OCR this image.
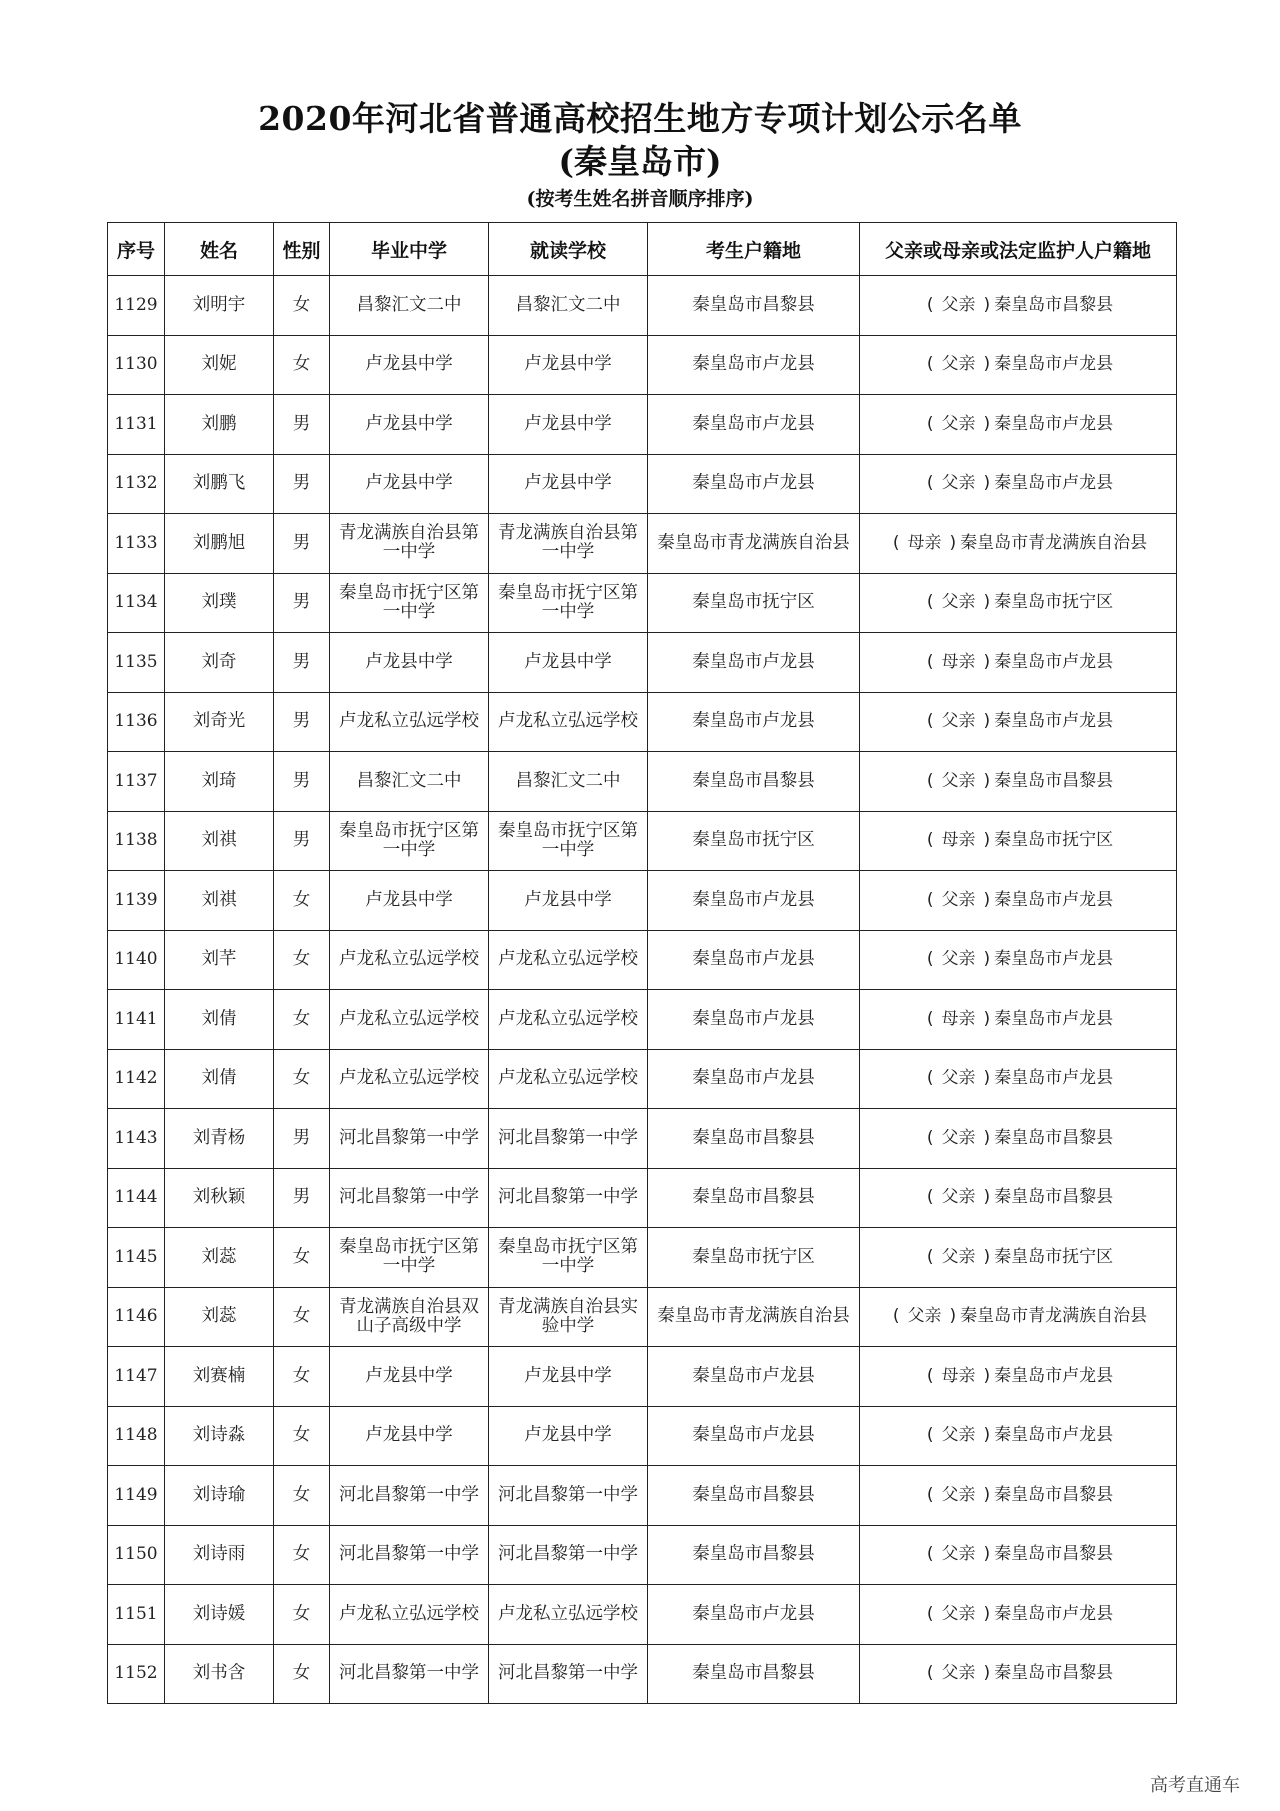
2020年河北省普通高校招生地方专项计划公示名单
(秦皇岛市)
(按考生姓名拼音顺序排序)
序号	姓名	性别	毕业中学	就读学校	考生户籍地	父亲或母亲或法定监护人户籍地
1129	刘明宇	女	昌黎汇文二中	昌黎汇文二中	秦皇岛市昌黎县	( 父亲 ) 秦皇岛市昌黎县
1130	刘妮	女	卢龙县中学	卢龙县中学	秦皇岛市卢龙县	( 父亲 ) 秦皇岛市卢龙县
1131	刘鹏	男	卢龙县中学	卢龙县中学	秦皇岛市卢龙县	( 父亲 ) 秦皇岛市卢龙县
1132	刘鹏飞	男	卢龙县中学	卢龙县中学	秦皇岛市卢龙县	( 父亲 ) 秦皇岛市卢龙县
1133	刘鹏旭	男	青龙满族自治县第一中学	青龙满族自治县第一中学	秦皇岛市青龙满族自治县	( 母亲 ) 秦皇岛市青龙满族自治县
1134	刘璞	男	秦皇岛市抚宁区第一中学	秦皇岛市抚宁区第一中学	秦皇岛市抚宁区	( 父亲 ) 秦皇岛市抚宁区
1135	刘奇	男	卢龙县中学	卢龙县中学	秦皇岛市卢龙县	( 母亲 ) 秦皇岛市卢龙县
1136	刘奇光	男	卢龙私立弘远学校	卢龙私立弘远学校	秦皇岛市卢龙县	( 父亲 ) 秦皇岛市卢龙县
1137	刘琦	男	昌黎汇文二中	昌黎汇文二中	秦皇岛市昌黎县	( 父亲 ) 秦皇岛市昌黎县
1138	刘祺	男	秦皇岛市抚宁区第一中学	秦皇岛市抚宁区第一中学	秦皇岛市抚宁区	( 母亲 ) 秦皇岛市抚宁区
1139	刘祺	女	卢龙县中学	卢龙县中学	秦皇岛市卢龙县	( 父亲 ) 秦皇岛市卢龙县
1140	刘芊	女	卢龙私立弘远学校	卢龙私立弘远学校	秦皇岛市卢龙县	( 父亲 ) 秦皇岛市卢龙县
1141	刘倩	女	卢龙私立弘远学校	卢龙私立弘远学校	秦皇岛市卢龙县	( 母亲 ) 秦皇岛市卢龙县
1142	刘倩	女	卢龙私立弘远学校	卢龙私立弘远学校	秦皇岛市卢龙县	( 父亲 ) 秦皇岛市卢龙县
1143	刘青杨	男	河北昌黎第一中学	河北昌黎第一中学	秦皇岛市昌黎县	( 父亲 ) 秦皇岛市昌黎县
1144	刘秋颖	男	河北昌黎第一中学	河北昌黎第一中学	秦皇岛市昌黎县	( 父亲 ) 秦皇岛市昌黎县
1145	刘蕊	女	秦皇岛市抚宁区第一中学	秦皇岛市抚宁区第一中学	秦皇岛市抚宁区	( 父亲 ) 秦皇岛市抚宁区
1146	刘蕊	女	青龙满族自治县双山子高级中学	青龙满族自治县实验中学	秦皇岛市青龙满族自治县	( 父亲 ) 秦皇岛市青龙满族自治县
1147	刘赛楠	女	卢龙县中学	卢龙县中学	秦皇岛市卢龙县	( 母亲 ) 秦皇岛市卢龙县
1148	刘诗淼	女	卢龙县中学	卢龙县中学	秦皇岛市卢龙县	( 父亲 ) 秦皇岛市卢龙县
1149	刘诗瑜	女	河北昌黎第一中学	河北昌黎第一中学	秦皇岛市昌黎县	( 父亲 ) 秦皇岛市昌黎县
1150	刘诗雨	女	河北昌黎第一中学	河北昌黎第一中学	秦皇岛市昌黎县	( 父亲 ) 秦皇岛市昌黎县
1151	刘诗媛	女	卢龙私立弘远学校	卢龙私立弘远学校	秦皇岛市卢龙县	( 父亲 ) 秦皇岛市卢龙县
1152	刘书含	女	河北昌黎第一中学	河北昌黎第一中学	秦皇岛市昌黎县	( 父亲 ) 秦皇岛市昌黎县
高考直通车
